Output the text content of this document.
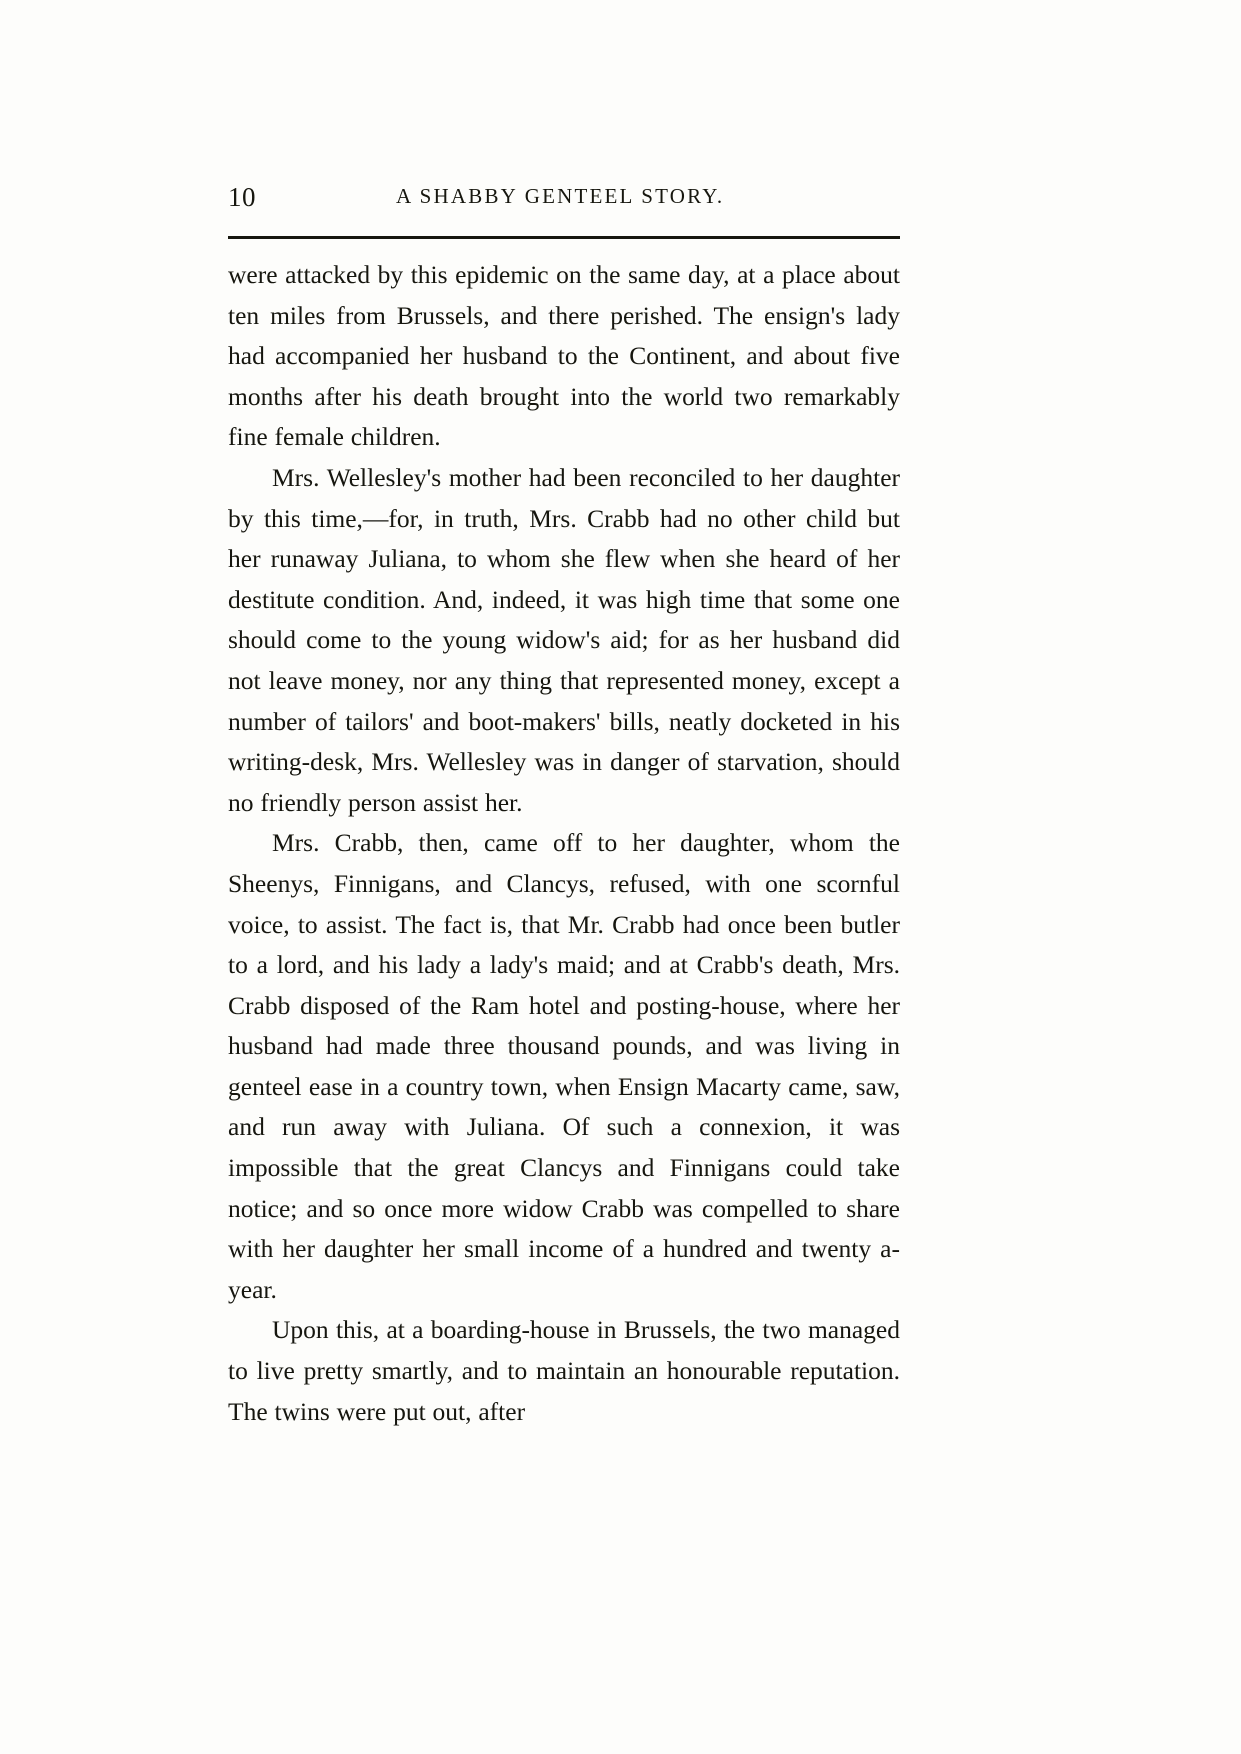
10	A SHABBY GENTEEL STORY.

were attacked by this epidemic on the same day, at a place about ten miles from Brussels, and there perished. The ensign's lady had accompanied her husband to the Continent, and about five months after his death brought into the world two remarkably fine female children.

Mrs. Wellesley's mother had been reconciled to her daughter by this time,—for, in truth, Mrs. Crabb had no other child but her runaway Juliana, to whom she flew when she heard of her destitute condition. And, indeed, it was high time that some one should come to the young widow's aid; for as her husband did not leave money, nor any thing that represented money, except a number of tailors' and boot-makers' bills, neatly docketed in his writing-desk, Mrs. Wellesley was in danger of starvation, should no friendly person assist her.

Mrs. Crabb, then, came off to her daughter, whom the Sheenys, Finnigans, and Clancys, refused, with one scornful voice, to assist. The fact is, that Mr. Crabb had once been butler to a lord, and his lady a lady's maid; and at Crabb's death, Mrs. Crabb disposed of the Ram hotel and posting-house, where her husband had made three thousand pounds, and was living in genteel ease in a country town, when Ensign Macarty came, saw, and run away with Juliana. Of such a connexion, it was impossible that the great Clancys and Finnigans could take notice; and so once more widow Crabb was compelled to share with her daughter her small income of a hundred and twenty a-year.

Upon this, at a boarding-house in Brussels, the two managed to live pretty smartly, and to maintain an honourable reputation. The twins were put out, after
